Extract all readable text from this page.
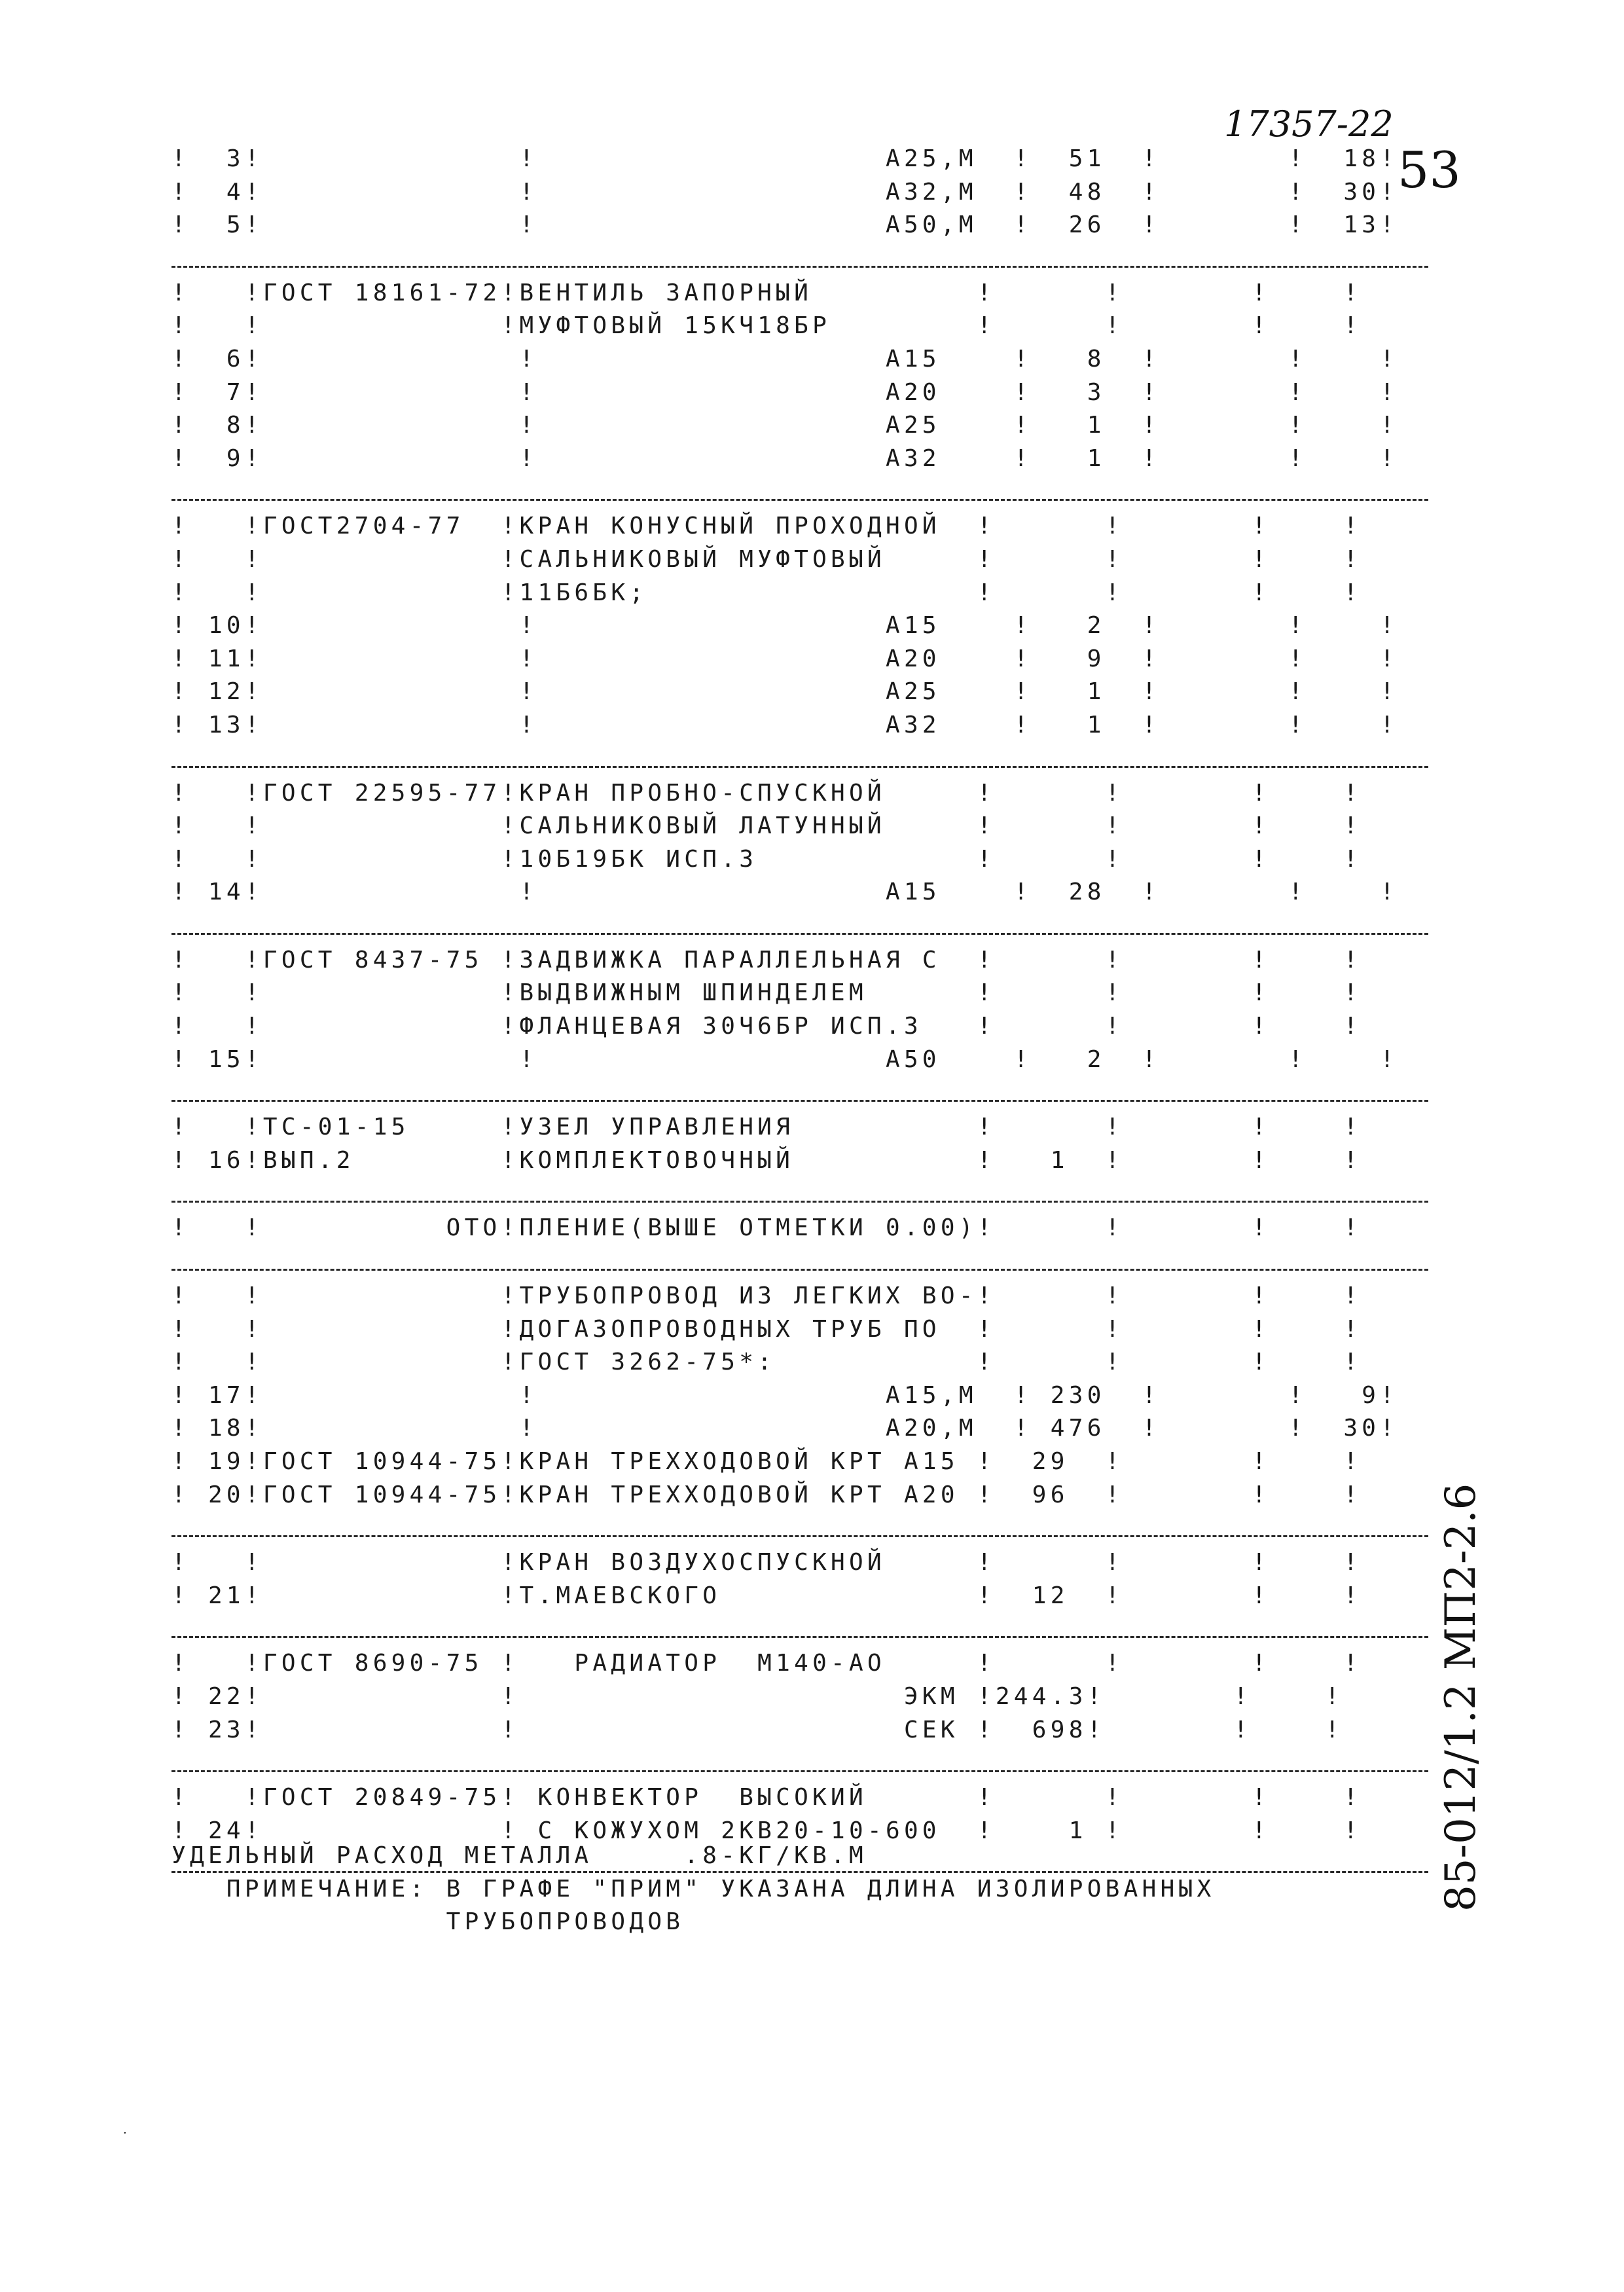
17357-22
53
85-012/1.2 МП2-2.6
·
!  3!              !                   А25,М  !  51  !       !  18!
!  4!              !                   А32,М  !  48  !       !  30!
!  5!              !                   А50,М  !  26  !       !  13!
!   !ГОСТ 18161-72!ВЕНТИЛЬ ЗАПОРНЫЙ         !      !       !    !
!   !             !МУФТОВЫЙ 15КЧ18БР        !      !       !    !
!  6!              !                   А15    !   8  !       !    !
!  7!              !                   А20    !   3  !       !    !
!  8!              !                   А25    !   1  !       !    !
!  9!              !                   А32    !   1  !       !    !
!   !ГОСТ2704-77  !КРАН КОНУСНЫЙ ПРОХОДНОЙ  !      !       !    !
!   !             !САЛЬНИКОВЫЙ МУФТОВЫЙ     !      !       !    !
!   !             !11Б6БК;                  !      !       !    !
! 10!              !                   А15    !   2  !       !    !
! 11!              !                   А20    !   9  !       !    !
! 12!              !                   А25    !   1  !       !    !
! 13!              !                   А32    !   1  !       !    !
!   !ГОСТ 22595-77!КРАН ПРОБНО-СПУСКНОЙ     !      !       !    !
!   !             !САЛЬНИКОВЫЙ ЛАТУННЫЙ     !      !       !    !
!   !             !10Б19БК ИСП.3            !      !       !    !
! 14!              !                   А15    !  28  !       !    !
!   !ГОСТ 8437-75 !ЗАДВИЖКА ПАРАЛЛЕЛЬНАЯ С  !      !       !    !
!   !             !ВЫДВИЖНЫМ ШПИНДЕЛЕМ      !      !       !    !
!   !             !ФЛАНЦЕВАЯ 30Ч6БР ИСП.3   !      !       !    !
! 15!              !                   А50    !   2  !       !    !
!   !ТС-01-15     !УЗЕЛ УПРАВЛЕНИЯ          !      !       !    !
! 16!ВЫП.2        !КОМПЛЕКТОВОЧНЫЙ          !   1  !       !    !
!   !          ОТО!ПЛЕНИЕ(ВЫШЕ ОТМЕТКИ 0.00)!      !       !    !
!   !             !ТРУБОПРОВОД ИЗ ЛЕГКИХ ВО-!      !       !    !
!   !             !ДОГАЗОПРОВОДНЫХ ТРУБ ПО  !      !       !    !
!   !             !ГОСТ 3262-75*:           !      !       !    !
! 17!              !                   А15,М  ! 230  !       !   9!
! 18!              !                   А20,М  ! 476  !       !  30!
! 19!ГОСТ 10944-75!КРАН ТРЕХХОДОВОЙ КРТ А15 !  29  !       !    !
! 20!ГОСТ 10944-75!КРАН ТРЕХХОДОВОЙ КРТ А20 !  96  !       !    !
!   !             !КРАН ВОЗДУХОСПУСКНОЙ     !      !       !    !
! 21!             !Т.МАЕВСКОГО              !  12  !       !    !
!   !ГОСТ 8690-75 !   РАДИАТОР  М140-АО     !      !       !    !
! 22!             !                     ЭКМ !244.3!       !    !
! 23!             !                     СЕК !  698!       !    !
!   !ГОСТ 20849-75! КОНВЕКТОР  ВЫСОКИЙ      !      !       !    !
! 24!             ! С КОЖУХОМ 2КВ20-10-600  !    1 !       !    !
УДЕЛЬНЫЙ РАСХОД МЕТАЛЛА     .8-КГ/КВ.М
ПРИМЕЧАНИЕ: В ГРАФЕ "ПРИМ" УКАЗАНА ДЛИНА ИЗОЛИРОВАННЫХ
ТРУБОПРОВОДОВ
